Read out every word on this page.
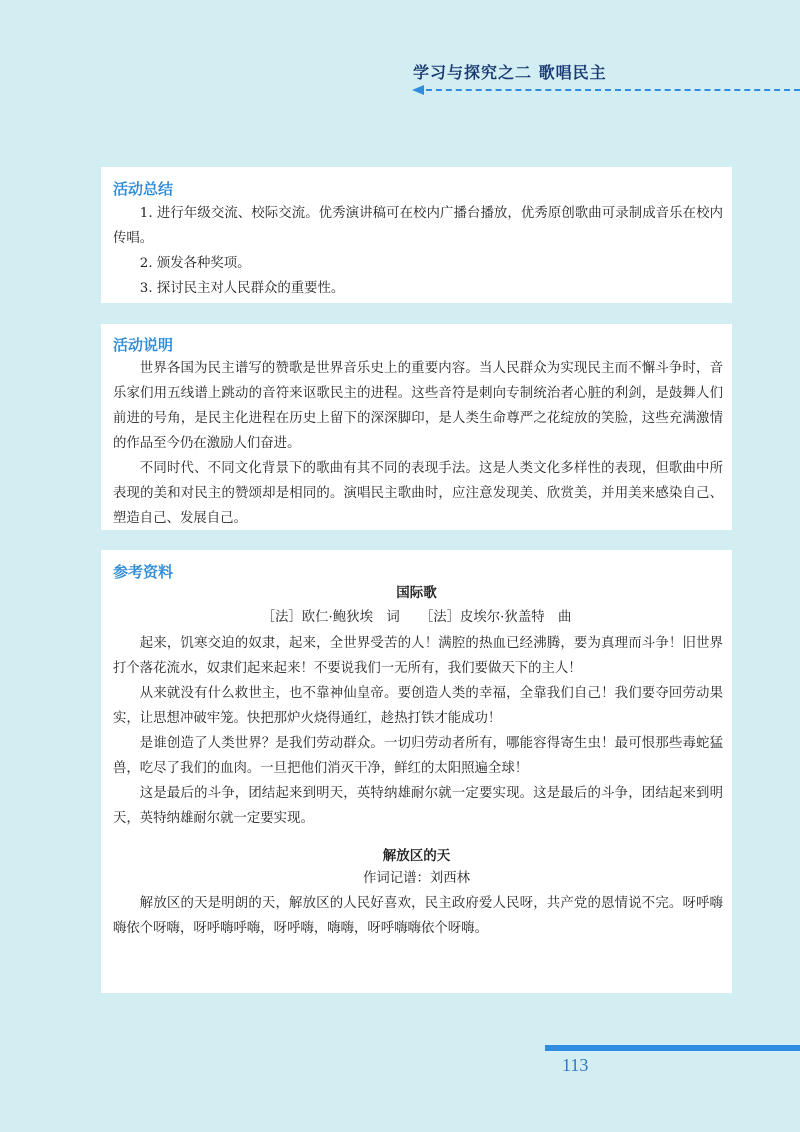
学习与探究之二 歌唱民主
活动总结

1. 进行年级交流、校际交流。优秀演讲稿可在校内广播台播放，优秀原创歌曲可录制成音乐在校内传唱。

2. 颁发各种奖项。

3. 探讨民主对人民群众的重要性。

活动说明

世界各国为民主谱写的赞歌是世界音乐史上的重要内容。当人民群众为实现民主而不懈斗争时，音乐家们用五线谱上跳动的音符来讴歌民主的进程。这些音符是刺向专制统治者心脏的利剑，是鼓舞人们前进的号角，是民主化进程在历史上留下的深深脚印，是人类生命尊严之花绽放的笑脸，这些充满激情的作品至今仍在激励人们奋进。

不同时代、不同文化背景下的歌曲有其不同的表现手法。这是人类文化多样性的表现，但歌曲中所表现的美和对民主的赞颂却是相同的。演唱民主歌曲时，应注意发现美、欣赏美，并用美来感染自己、塑造自己、发展自己。

参考资料
国际歌
［法］欧仁·鲍狄埃　词　　［法］皮埃尔·狄盖特　曲

起来，饥寒交迫的奴隶，起来，全世界受苦的人！满腔的热血已经沸腾，要为真理而斗争！旧世界打个落花流水，奴隶们起来起来！不要说我们一无所有，我们要做天下的主人！

从来就没有什么救世主，也不靠神仙皇帝。要创造人类的幸福，全靠我们自己！我们要夺回劳动果实，让思想冲破牢笼。快把那炉火烧得通红，趁热打铁才能成功！

是谁创造了人类世界？是我们劳动群众。一切归劳动者所有，哪能容得寄生虫！最可恨那些毒蛇猛兽，吃尽了我们的血肉。一旦把他们消灭干净，鲜红的太阳照遍全球！

这是最后的斗争，团结起来到明天，英特纳雄耐尔就一定要实现。这是最后的斗争，团结起来到明天，英特纳雄耐尔就一定要实现。

解放区的天
作词记谱：刘西林

解放区的天是明朗的天，解放区的人民好喜欢，民主政府爱人民呀，共产党的恩情说不完。呀呼嗨嗨依个呀嗨，呀呼嗨呼嗨，呀呼嗨，嗨嗨，呀呼嗨嗨依个呀嗨。

113
